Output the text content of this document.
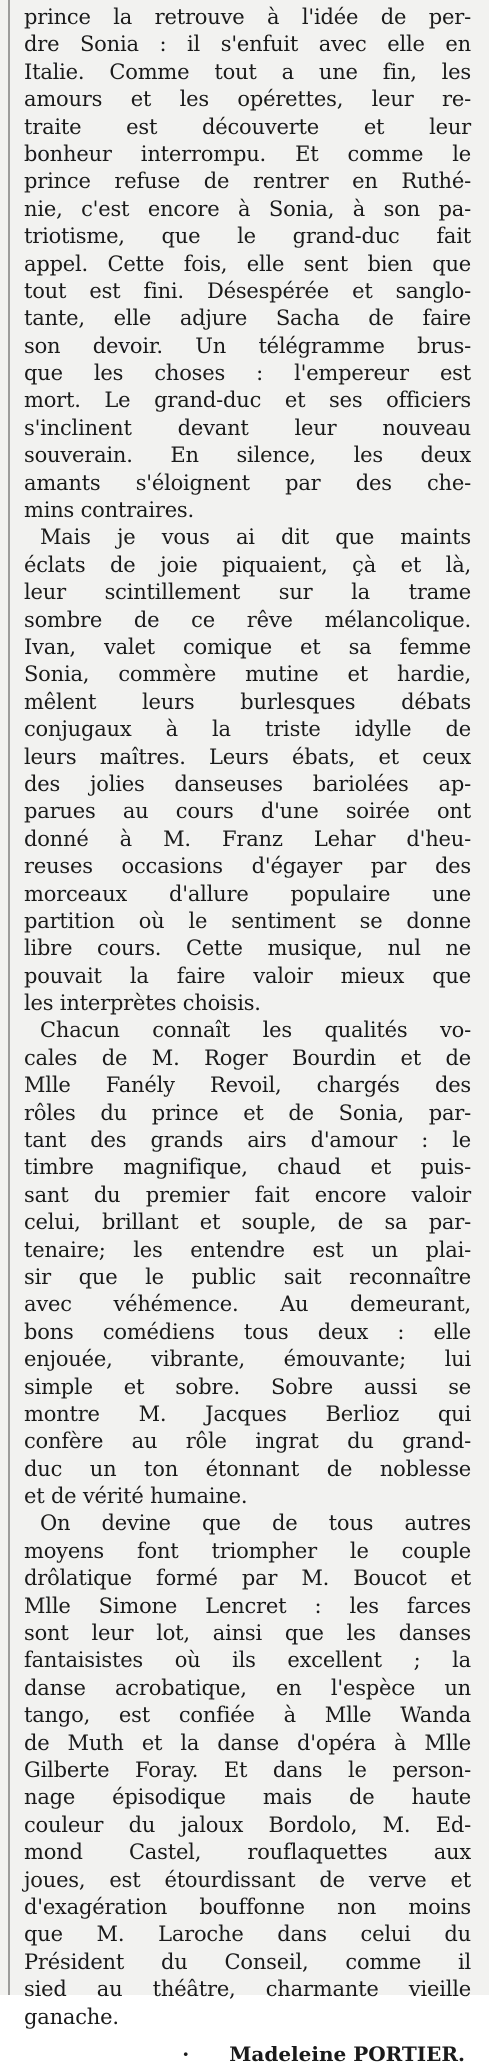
prince la retrouve à l'idée de per-
dre Sonia : il s'enfuit avec elle en
Italie. Comme tout a une fin, les
amours et les opérettes, leur re-
traite est découverte et leur
bonheur interrompu. Et comme le
prince refuse de rentrer en Ruthé-
nie, c'est encore à Sonia, à son pa-
triotisme, que le grand-duc fait
appel. Cette fois, elle sent bien que
tout est fini. Désespérée et sanglo-
tante, elle adjure Sacha de faire
son devoir. Un télégramme brus-
que les choses : l'empereur est
mort. Le grand-duc et ses officiers
s'inclinent devant leur nouveau
souverain. En silence, les deux
amants s'éloignent par des che-
mins contraires.
Mais je vous ai dit que maints
éclats de joie piquaient, çà et là,
leur scintillement sur la trame
sombre de ce rêve mélancolique.
Ivan, valet comique et sa femme
Sonia, commère mutine et hardie,
mêlent leurs burlesques débats
conjugaux à la triste idylle de
leurs maîtres. Leurs ébats, et ceux
des jolies danseuses bariolées ap-
parues au cours d'une soirée ont
donné à M. Franz Lehar d'heu-
reuses occasions d'égayer par des
morceaux d'allure populaire une
partition où le sentiment se donne
libre cours. Cette musique, nul ne
pouvait la faire valoir mieux que
les interprètes choisis.
Chacun connaît les qualités vo-
cales de M. Roger Bourdin et de
Mlle Fanély Revoil, chargés des
rôles du prince et de Sonia, par-
tant des grands airs d'amour : le
timbre magnifique, chaud et puis-
sant du premier fait encore valoir
celui, brillant et souple, de sa par-
tenaire; les entendre est un plai-
sir que le public sait reconnaître
avec véhémence. Au demeurant,
bons comédiens tous deux : elle
enjouée, vibrante, émouvante; lui
simple et sobre. Sobre aussi se
montre M. Jacques Berlioz qui
confère au rôle ingrat du grand-
duc un ton étonnant de noblesse
et de vérité humaine.
On devine que de tous autres
moyens font triompher le couple
drôlatique formé par M. Boucot et
Mlle Simone Lencret : les farces
sont leur lot, ainsi que les danses
fantaisistes où ils excellent ; la
danse acrobatique, en l'espèce un
tango, est confiée à Mlle Wanda
de Muth et la danse d'opéra à Mlle
Gilberte Foray. Et dans le person-
nage épisodique mais de haute
couleur du jaloux Bordolo, M. Ed-
mond Castel, rouflaquettes aux
joues, est étourdissant de verve et
d'exagération bouffonne non moins
que M. Laroche dans celui du
Président du Conseil, comme il
sied au théâtre, charmante vieille
ganache.
· Madeleine PORTIER.
